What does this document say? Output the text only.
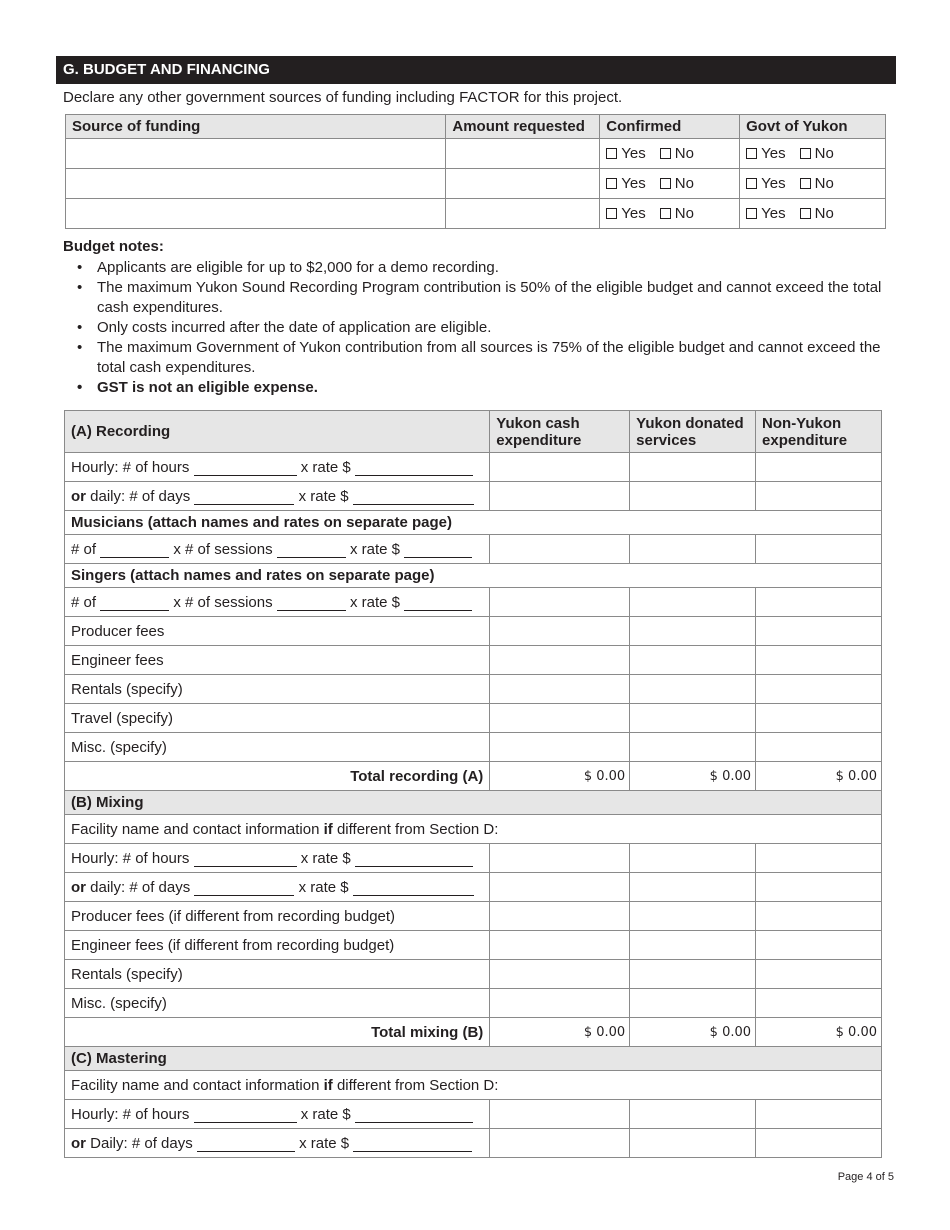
G. BUDGET AND FINANCING
Declare any other government sources of funding including FACTOR for this project.
Source of funding	Amount requested	Confirmed	Govt of Yukon
		Yes No	Yes No
		Yes No	Yes No
		Yes No	Yes No
Budget notes:
• Applicants are eligible for up to $2,000 for a demo recording.
• The maximum Yukon Sound Recording Program contribution is 50% of the eligible budget and cannot exceed the total cash expenditures.
• Only costs incurred after the date of application are eligible.
• The maximum Government of Yukon contribution from all sources is 75% of the eligible budget and cannot exceed the total cash expenditures.
• GST is not an eligible expense.
(A) Recording	Yukon cash expenditure	Yukon donated services	Non-Yukon expenditure
Hourly: # of hours x rate $			
or daily: # of days x rate $			
Musicians (attach names and rates on separate page)			
# of x # of sessions x rate $			
Singers (attach names and rates on separate page)			
# of x # of sessions x rate $			
Producer fees			
Engineer fees			
Rentals (specify)			
Travel (specify)			
Misc. (specify)			
Total recording (A)	$ 0.00	$ 0.00	$ 0.00
(B) Mixing			
Facility name and contact information if different from Section D:			
Hourly: # of hours x rate $			
or daily: # of days x rate $			
Producer fees (if different from recording budget)			
Engineer fees (if different from recording budget)			
Rentals (specify)			
Misc. (specify)			
Total mixing (B)	$ 0.00	$ 0.00	$ 0.00
(C) Mastering			
Facility name and contact information if different from Section D:			
Hourly: # of hours x rate $			
or Daily: # of days x rate $			
Page 4 of 5
